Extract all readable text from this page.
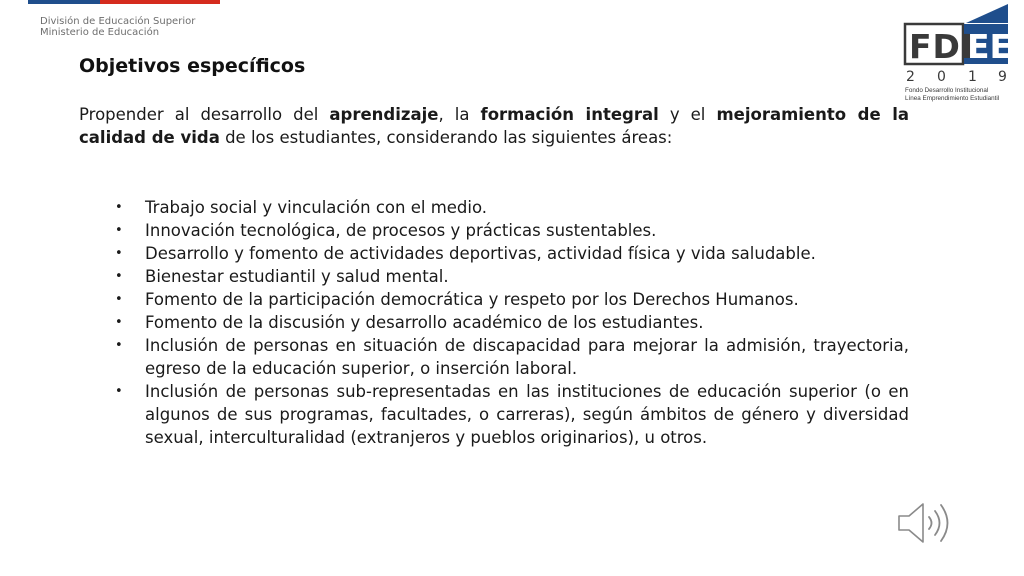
División de Educación Superior
Ministerio de Educación	FDI
EE
2 0 1 9
Fondo Desarrollo Institucional
Línea Emprendimiento Estudiantil
Objetivos específicos

Propender al desarrollo del aprendizaje, la formación integral y el mejoramiento de la calidad de vida de los estudiantes, considerando las siguientes áreas:

• Trabajo social y vinculación con el medio.
• Innovación tecnológica, de procesos y prácticas sustentables.
• Desarrollo y fomento de actividades deportivas, actividad física y vida saludable.
• Bienestar estudiantil y salud mental.
• Fomento de la participación democrática y respeto por los Derechos Humanos.
• Fomento de la discusión y desarrollo académico de los estudiantes.
• Inclusión de personas en situación de discapacidad para mejorar la admisión, trayectoria, egreso de la educación superior, o inserción laboral.
• Inclusión de personas sub-representadas en las instituciones de educación superior (o en algunos de sus programas, facultades, o carreras), según ámbitos de género y diversidad sexual, interculturalidad (extranjeros y pueblos originarios), u otros.
